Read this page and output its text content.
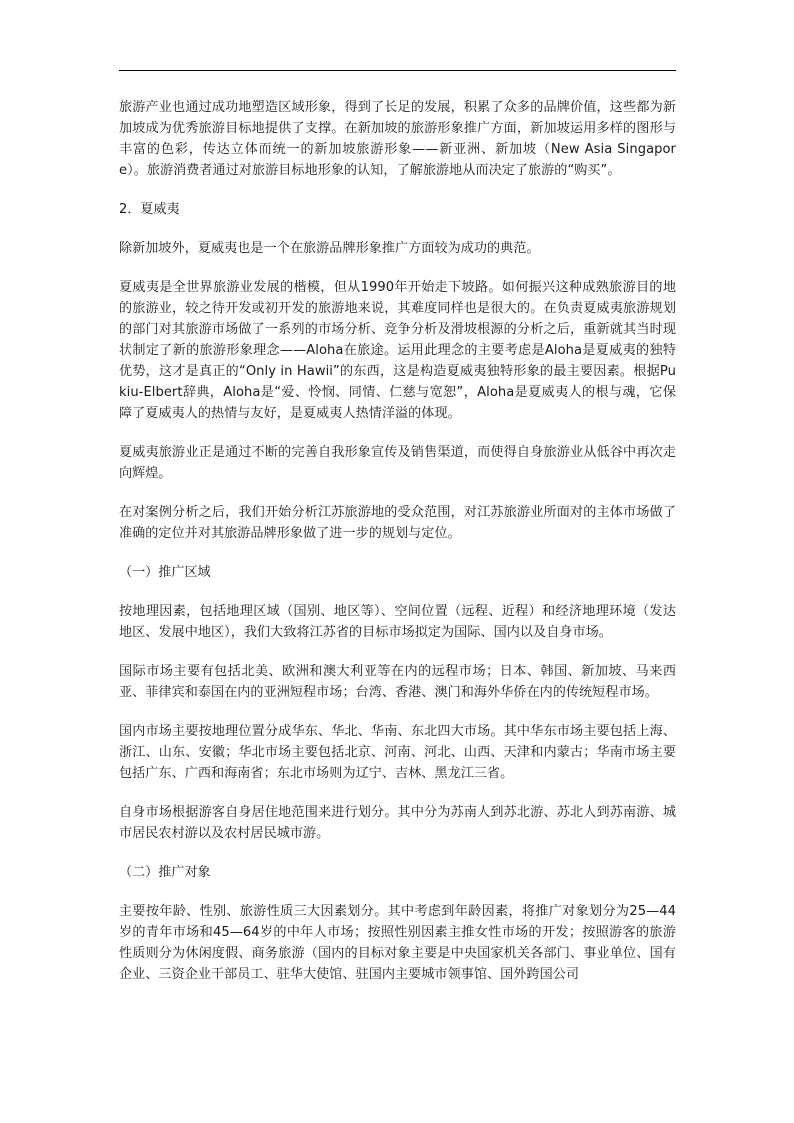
旅游产业也通过成功地塑造区域形象，得到了长足的发展，积累了众多的品牌价值，这些都为新加坡成为优秀旅游目标地提供了支撑。在新加坡的旅游形象推广方面，新加坡运用多样的图形与丰富的色彩，传达立体而统一的新加坡旅游形象——新亚洲、新加坡（New Asia Singapore）。旅游消费者通过对旅游目标地形象的认知，了解旅游地从而决定了旅游的“购买”。

2．夏威夷

除新加坡外，夏威夷也是一个在旅游品牌形象推广方面较为成功的典范。

夏威夷是全世界旅游业发展的楷模，但从1990年开始走下坡路。如何振兴这种成熟旅游目的地的旅游业，较之待开发或初开发的旅游地来说，其难度同样也是很大的。在负责夏威夷旅游规划的部门对其旅游市场做了一系列的市场分析、竞争分析及滑坡根源的分析之后，重新就其当时现状制定了新的旅游形象理念——Aloha在旅途。运用此理念的主要考虑是Aloha是夏威夷的独特优势，这才是真正的“Only in Hawii”的东西，这是构造夏威夷独特形象的最主要因素。根据Pukiu-Elbert辞典，Aloha是“爱、怜悯、同情、仁慈与宽恕”，Aloha是夏威夷人的根与魂，它保障了夏威夷人的热情与友好，是夏威夷人热情洋溢的体现。

夏威夷旅游业正是通过不断的完善自我形象宣传及销售渠道，而使得自身旅游业从低谷中再次走向辉煌。

在对案例分析之后，我们开始分析江苏旅游地的受众范围，对江苏旅游业所面对的主体市场做了准确的定位并对其旅游品牌形象做了进一步的规划与定位。

（一）推广区域

按地理因素，包括地理区域（国别、地区等）、空间位置（远程、近程）和经济地理环境（发达地区、发展中地区），我们大致将江苏省的目标市场拟定为国际、国内以及自身市场。

国际市场主要有包括北美、欧洲和澳大利亚等在内的远程市场；日本、韩国、新加坡、马来西亚、菲律宾和泰国在内的亚洲短程市场；台湾、香港、澳门和海外华侨在内的传统短程市场。

国内市场主要按地理位置分成华东、华北、华南、东北四大市场。其中华东市场主要包括上海、浙江、山东、安徽；华北市场主要包括北京、河南、河北、山西、天津和内蒙古；华南市场主要包括广东、广西和海南省；东北市场则为辽宁、吉林、黑龙江三省。

自身市场根据游客自身居住地范围来进行划分。其中分为苏南人到苏北游、苏北人到苏南游、城市居民农村游以及农村居民城市游。

（二）推广对象

主要按年龄、性别、旅游性质三大因素划分。其中考虑到年龄因素，将推广对象划分为25—44岁的青年市场和45—64岁的中年人市场；按照性别因素主推女性市场的开发；按照游客的旅游性质则分为休闲度假、商务旅游（国内的目标对象主要是中央国家机关各部门、事业单位、国有企业、三资企业干部员工、驻华大使馆、驻国内主要城市领事馆、国外跨国公司
